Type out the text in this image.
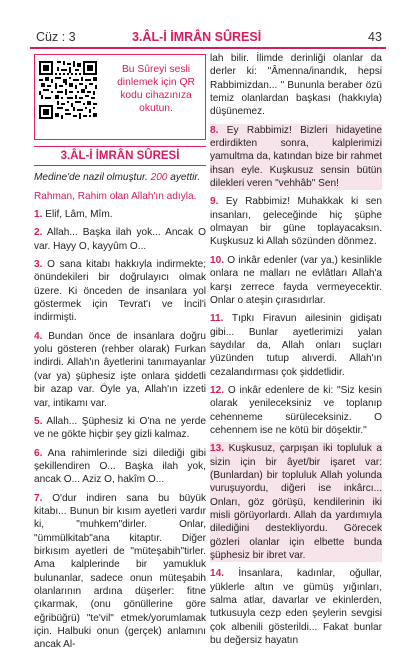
Cüz : 3	3.ÂL-İ İMRÂN SÛRESİ	43
Bu Sûreyi sesli dinlemek için QR kodu cihazınıza okutun.
3.ÂL-İ İMRÂN SÛRESİ

Medine'de nazil olmuştur. 200 ayettir.

Rahman, Rahim olan Allah'ın adıyla.

1. Elif, Lâm, Mîm.

2. Allah... Başka ilah yok... Ancak O var. Hayy O, kayyûm O...

3. O sana kitabı hakkıyla indirmekte; önündekileri bir doğrulayıcı olmak üzere. Ki önceden de insanlara yol göstermek için Tevrat'ı ve İncil'i indirmişti.

4. Bundan önce de insanlara doğru yolu gösteren (rehber olarak) Furkan indirdi. Allah'ın âyetlerini tanımayanlar (var ya) şüphesiz işte onlara şiddetli bir azap var. Öyle ya, Allah'ın izzeti var, intikamı var.

5. Allah... Şüphesiz ki O'na ne yerde ve ne gökte hiçbir şey gizli kalmaz.

6. Ana rahimlerinde sizi dilediği gibi şekillendiren O... Başka ilah yok, ancak O... Aziz O, hakîm O...

7. O'dur indiren sana bu büyük kitabı... Bunun bir kısım ayetleri vardır ki, "muhkem"dirler. Onlar, "ümmülkitab"ana kitaptır. Diğer birkısım ayetleri de "müteşabih"tirler. Ama kalplerinde bir yamukluk bulunanlar, sadece onun müteşabih olanlarının ardına düşerler: fitne çıkarmak, (onu gönüllerine göre eğribüğrü) "te'vil" etmek/yorumlamak için. Halbuki onun (gerçek) anlamını ancak Al-

lah bilir. İlimde derinliği olanlar da derler ki: "Âmenna/inandık, hepsi Rabbimizdan... " Bununla beraber özü temiz olanlardan başkası (hakkıyla) düşünemez.

8. Ey Rabbimiz! Bizleri hidayetine erdirdikten sonra, kalplerimizi yamultma da, katından bize bir rahmet ihsan eyle. Kuşkusuz sensin bütün dilekleri veren "vehhâb" Sen!

9. Ey Rabbimiz! Muhakkak ki sen insanları, geleceğinde hiç şüphe olmayan bir güne toplayacaksın. Kuşkusuz ki Allah sözünden dönmez.

10. O inkâr edenler (var ya,) kesinlikle onlara ne malları ne evlâtları Allah'a karşı zerrece fayda vermeyecektir. Onlar o ateşin çırasıdırlar.

11. Tıpkı Firavun ailesinin gidişatı gibi... Bunlar ayetlerimizi yalan saydılar da, Allah onları suçları yüzünden tutup alıverdi. Allah'ın cezalandırması çok şiddetlidir.

12. O inkâr edenlere de ki: "Siz kesin olarak yenileceksiniz ve toplanıp cehenneme sürüleceksiniz. O cehennem ise ne kötü bir döşektir."

13. Kuşkusuz, çarpışan iki topluluk a sizin için bir âyet/bir işaret var: (Bunlardan) bir topluluk Allah yolunda vuruşuyordu, diğeri ise inkârcı... Onları, göz görüşü, kendilerinin iki misli görüyorlardı. Allah da yardımıyla dilediğini destekliyordu. Görecek gözleri olanlar için elbette bunda şüphesiz bir ibret var.

14. İnsanlara, kadınlar, oğullar, yüklerle altın ve gümüş yığınları, salma atlar, davarlar ve ekinlerden, tutkusuyla cezp eden şeylerin sevgisi çok albenili gösterildi... Fakat bunlar bu değersiz hayatın
